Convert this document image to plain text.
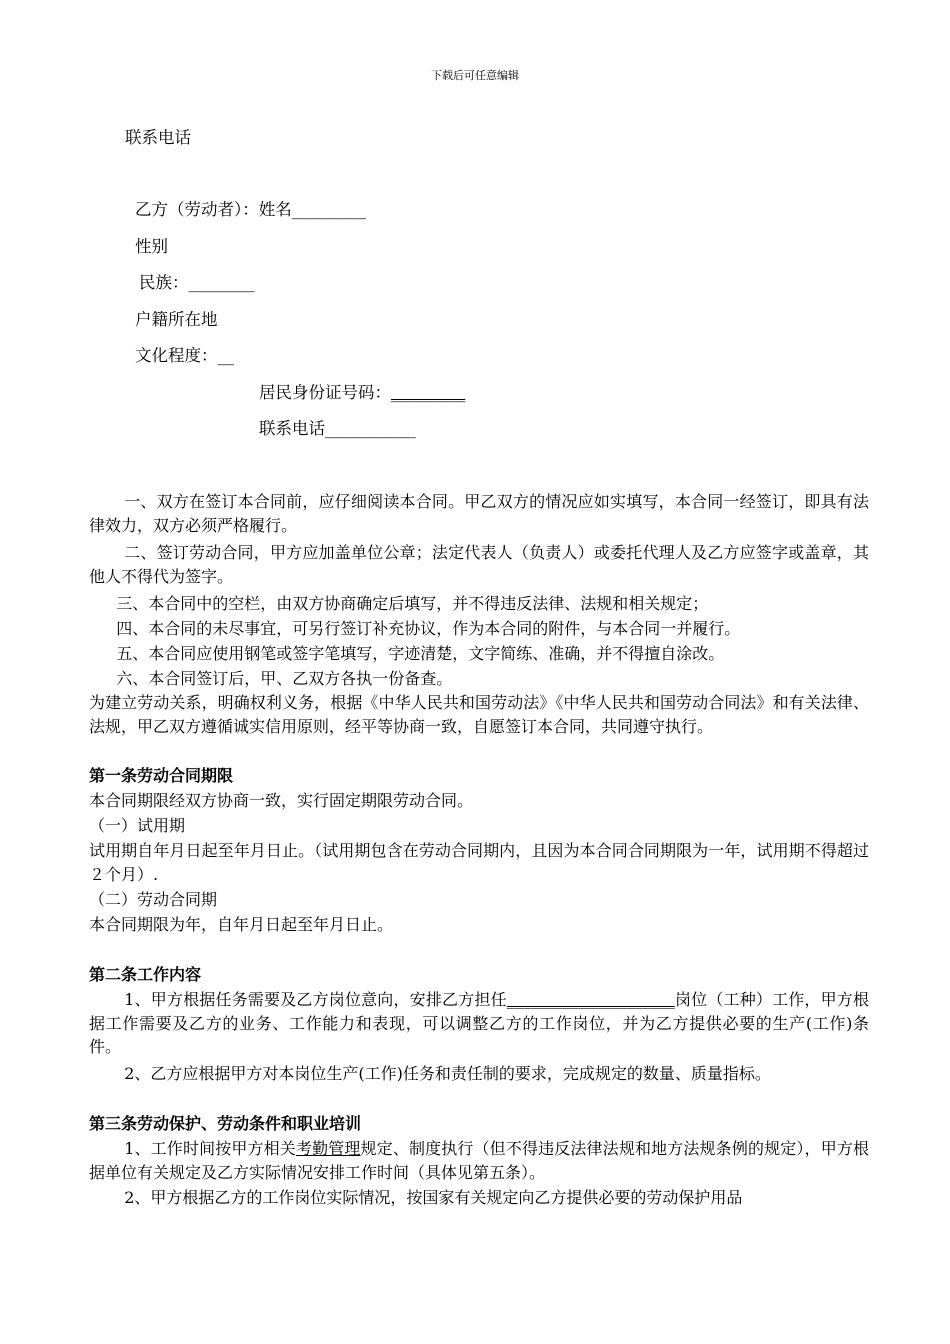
下载后可任意编辑
联系电话
乙方（劳动者）：姓名_________
性别
民族：________
户籍所在地
文化程度：__
居民身份证号码：_________
联系电话___________
一、双方在签订本合同前，应仔细阅读本合同。甲乙双方的情况应如实填写，本合同一经签订，即具有法律效力，双方必须严格履行。
二、签订劳动合同，甲方应加盖单位公章；法定代表人（负责人）或委托代理人及乙方应签字或盖章，其他人不得代为签字。
三、本合同中的空栏，由双方协商确定后填写，并不得违反法律、法规和相关规定；
四、本合同的未尽事宜，可另行签订补充协议，作为本合同的附件，与本合同一并履行。
五、本合同应使用钢笔或签字笔填写，字迹清楚，文字简练、准确，并不得擅自涂改。
六、本合同签订后，甲、乙双方各执一份备查。
为建立劳动关系，明确权利义务，根据《中华人民共和国劳动法》《中华人民共和国劳动合同法》和有关法律、法规，甲乙双方遵循诚实信用原则，经平等协商一致，自愿签订本合同，共同遵守执行。
第一条劳动合同期限
本合同期限经双方协商一致，实行固定期限劳动合同。
（一）试用期
试用期自年月日起至年月日止。（试用期包含在劳动合同期内，且因为本合同合同期限为一年，试用期不得超过２个月）.
（二）劳动合同期
本合同期限为年，自年月日起至年月日止。
第二条工作内容
1、甲方根据任务需要及乙方岗位意向，安排乙方担任_____________________岗位（工种）工作，甲方根据工作需要及乙方的业务、工作能力和表现，可以调整乙方的工作岗位，并为乙方提供必要的生产(工作)条件。
2、乙方应根据甲方对本岗位生产(工作)任务和责任制的要求，完成规定的数量、质量指标。
第三条劳动保护、劳动条件和职业培训
1、工作时间按甲方相关考勤管理规定、制度执行（但不得违反法律法规和地方法规条例的规定），甲方根据单位有关规定及乙方实际情况安排工作时间（具体见第五条）。
2、甲方根据乙方的工作岗位实际情况，按国家有关规定向乙方提供必要的劳动保护用品
